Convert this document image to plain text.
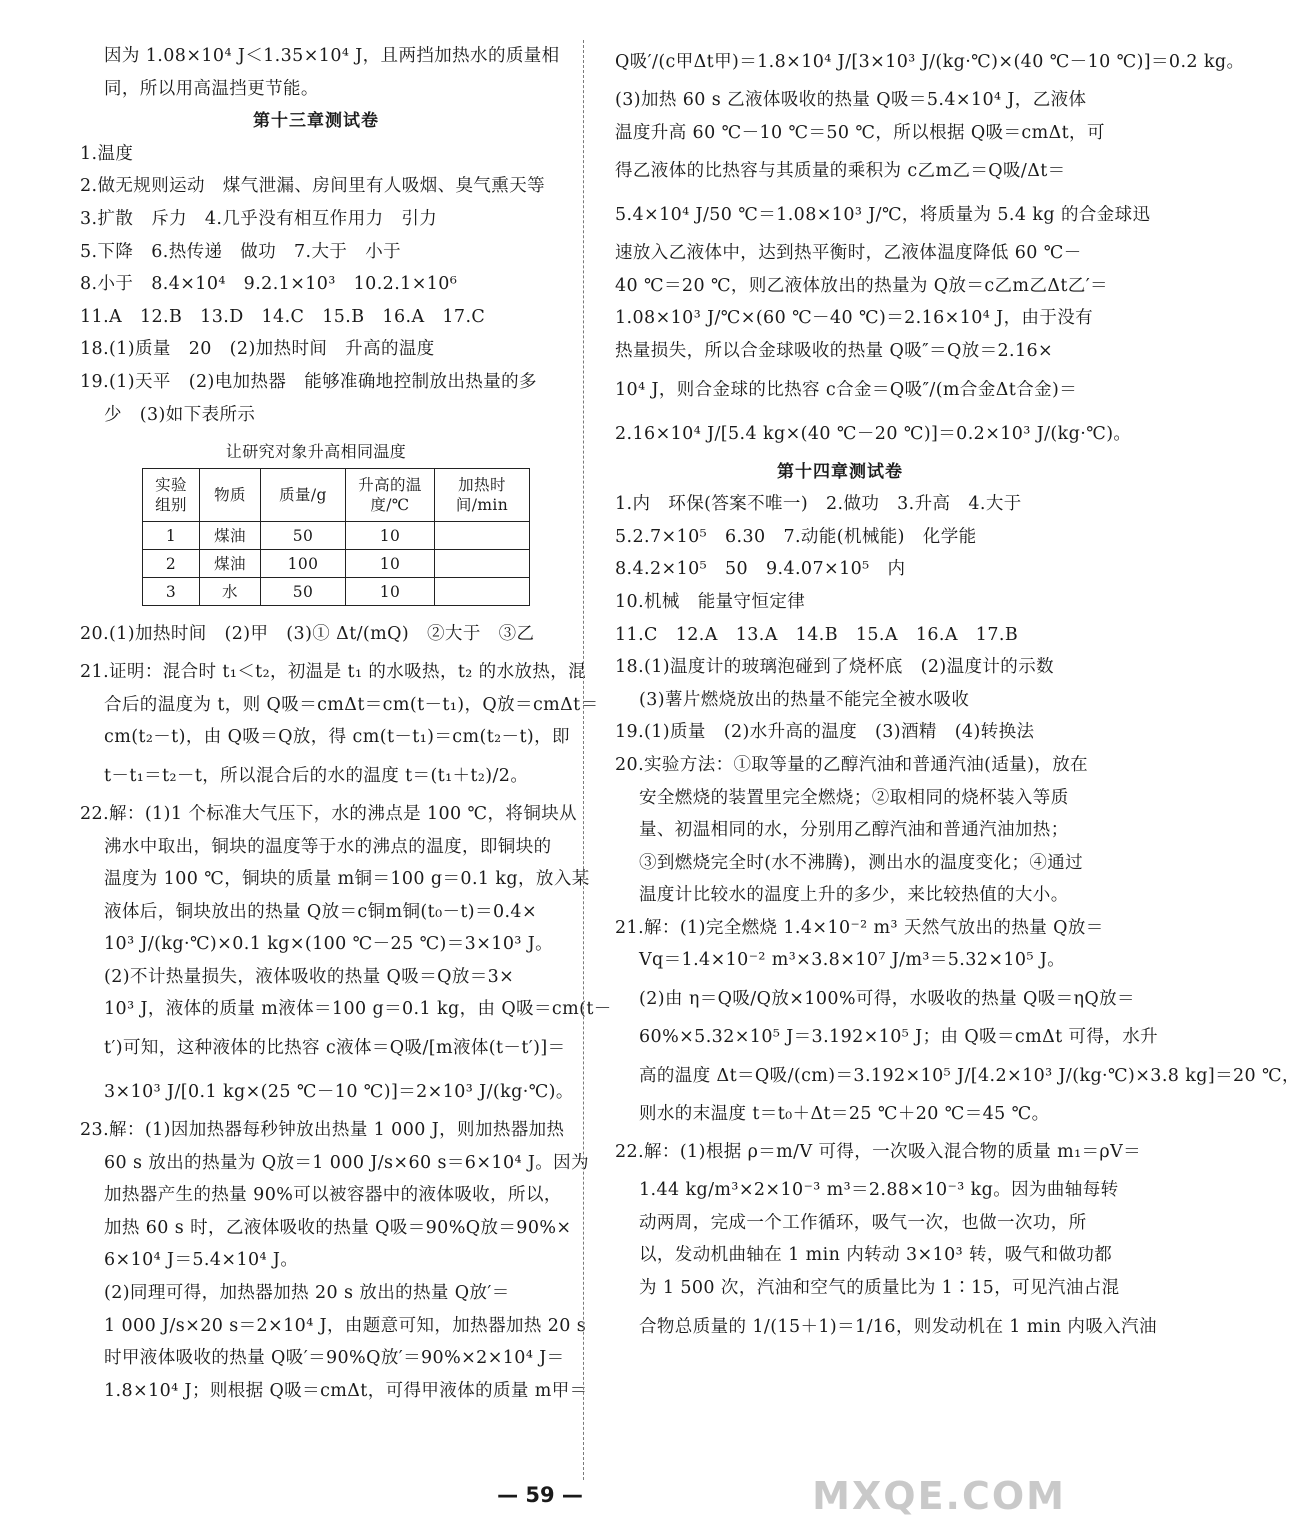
因为 1.08×10⁴ J＜1.35×10⁴ J，且两挡加热水的质量相
同，所以用高温挡更节能。
第十三章测试卷
1.温度
2.做无规则运动　煤气泄漏、房间里有人吸烟、臭气熏天等
3.扩散　斥力　4.几乎没有相互作用力　引力
5.下降　6.热传递　做功　7.大于　小于
8.小于　8.4×10⁴　9.2.1×10³　10.2.1×10⁶
11.A　12.B　13.D　14.C　15.B　16.A　17.C
18.(1)质量　20　(2)加热时间　升高的温度
19.(1)天平　(2)电加热器　能够准确地控制放出热量的多
少　(3)如下表所示
让研究对象升高相同温度
实验组别	物质	质量/g	升高的温度/℃	加热时间/min
1	煤油	50	10	
2	煤油	100	10	
3	水	50	10	
20.(1)加热时间　(2)甲　(3)① Δt/(mQ)　②大于　③乙
21.证明：混合时 t₁＜t₂，初温是 t₁ 的水吸热，t₂ 的水放热，混
合后的温度为 t，则 Q吸＝cmΔt＝cm(t－t₁)，Q放＝cmΔt＝
cm(t₂－t)，由 Q吸＝Q放，得 cm(t－t₁)＝cm(t₂－t)，即
t－t₁＝t₂－t，所以混合后的水的温度 t＝(t₁＋t₂)/2。
22.解：(1)1 个标准大气压下，水的沸点是 100 ℃，将铜块从
沸水中取出，铜块的温度等于水的沸点的温度，即铜块的
温度为 100 ℃，铜块的质量 m铜＝100 g＝0.1 kg，放入某
液体后，铜块放出的热量 Q放＝c铜m铜(t₀－t)＝0.4×
10³ J/(kg·℃)×0.1 kg×(100 ℃－25 ℃)＝3×10³ J。
(2)不计热量损失，液体吸收的热量 Q吸＝Q放＝3×
10³ J，液体的质量 m液体＝100 g＝0.1 kg，由 Q吸＝cm(t－
t′)可知，这种液体的比热容 c液体＝Q吸/[m液体(t－t′)]＝
3×10³ J/[0.1 kg×(25 ℃－10 ℃)]＝2×10³ J/(kg·℃)。
23.解：(1)因加热器每秒钟放出热量 1 000 J，则加热器加热
60 s 放出的热量为 Q放＝1 000 J/s×60 s＝6×10⁴ J。因为
加热器产生的热量 90%可以被容器中的液体吸收，所以，
加热 60 s 时，乙液体吸收的热量 Q吸＝90%Q放＝90%×
6×10⁴ J＝5.4×10⁴ J。
(2)同理可得，加热器加热 20 s 放出的热量 Q放′＝
1 000 J/s×20 s＝2×10⁴ J，由题意可知，加热器加热 20 s
时甲液体吸收的热量 Q吸′＝90%Q放′＝90%×2×10⁴ J＝
1.8×10⁴ J；则根据 Q吸＝cmΔt，可得甲液体的质量 m甲＝
Q吸′/(c甲Δt甲)＝1.8×10⁴ J/[3×10³ J/(kg·℃)×(40 ℃－10 ℃)]＝0.2 kg。
(3)加热 60 s 乙液体吸收的热量 Q吸＝5.4×10⁴ J，乙液体
温度升高 60 ℃－10 ℃＝50 ℃，所以根据 Q吸＝cmΔt，可
得乙液体的比热容与其质量的乘积为 c乙m乙＝Q吸/Δt＝
5.4×10⁴ J/50 ℃＝1.08×10³ J/℃，将质量为 5.4 kg 的合金球迅
速放入乙液体中，达到热平衡时，乙液体温度降低 60 ℃－
40 ℃＝20 ℃，则乙液体放出的热量为 Q放＝c乙m乙Δt乙′＝
1.08×10³ J/℃×(60 ℃－40 ℃)＝2.16×10⁴ J，由于没有
热量损失，所以合金球吸收的热量 Q吸″＝Q放＝2.16×
10⁴ J，则合金球的比热容 c合金＝Q吸″/(m合金Δt合金)＝
2.16×10⁴ J/[5.4 kg×(40 ℃－20 ℃)]＝0.2×10³ J/(kg·℃)。
第十四章测试卷
1.内　环保(答案不唯一)　2.做功　3.升高　4.大于
5.2.7×10⁵　6.30　7.动能(机械能)　化学能
8.4.2×10⁵　50　9.4.07×10⁵　内
10.机械　能量守恒定律
11.C　12.A　13.A　14.B　15.A　16.A　17.B
18.(1)温度计的玻璃泡碰到了烧杯底　(2)温度计的示数
(3)薯片燃烧放出的热量不能完全被水吸收
19.(1)质量　(2)水升高的温度　(3)酒精　(4)转换法
20.实验方法：①取等量的乙醇汽油和普通汽油(适量)，放在
安全燃烧的装置里完全燃烧；②取相同的烧杯装入等质
量、初温相同的水，分别用乙醇汽油和普通汽油加热；
③到燃烧完全时(水不沸腾)，测出水的温度变化；④通过
温度计比较水的温度上升的多少，来比较热值的大小。
21.解：(1)完全燃烧 1.4×10⁻² m³ 天然气放出的热量 Q放＝
Vq＝1.4×10⁻² m³×3.8×10⁷ J/m³＝5.32×10⁵ J。
(2)由 η＝Q吸/Q放×100%可得，水吸收的热量 Q吸＝ηQ放＝
60%×5.32×10⁵ J＝3.192×10⁵ J；由 Q吸＝cmΔt 可得，水升
高的温度 Δt＝Q吸/(cm)＝3.192×10⁵ J/[4.2×10³ J/(kg·℃)×3.8 kg]＝20 ℃，
则水的末温度 t＝t₀＋Δt＝25 ℃＋20 ℃＝45 ℃。
22.解：(1)根据 ρ＝m/V 可得，一次吸入混合物的质量 m₁＝ρV＝
1.44 kg/m³×2×10⁻³ m³＝2.88×10⁻³ kg。因为曲轴每转
动两周，完成一个工作循环，吸气一次，也做一次功，所
以，发动机曲轴在 1 min 内转动 3×10³ 转，吸气和做功都
为 1 500 次，汽油和空气的质量比为 1∶15，可见汽油占混
合物总质量的 1/(15＋1)＝1/16，则发动机在 1 min 内吸入汽油
— 59 —	MXQE.COM
